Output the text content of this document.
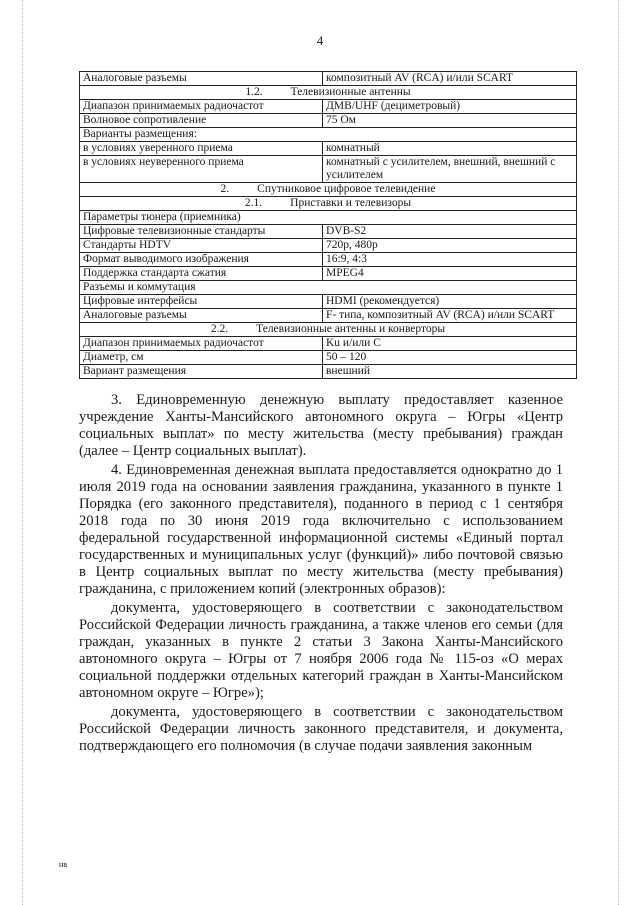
4
Аналоговые разъемы	композитный AV (RCA) и/или SCART
1.2. Телевизионные антенны	
Диапазон принимаемых радиочастот	ДМВ/UHF (дециметровый)
Волновое сопротивление	75 Ом
Варианты размещения:	
в условиях уверенного приема	комнатный
в условиях неуверенного приема	комнатный с усилителем, внешний, внешний с усилителем
2. Спутниковое цифровое телевидение	
2.1. Приставки и телевизоры	
Параметры тюнера (приемника)	
Цифровые телевизионные стандарты	DVB-S2
Стандарты HDTV	720p, 480p
Формат выводимого изображения	16:9, 4:3
Поддержка стандарта сжатия	MPEG4
Разъемы и коммутация	
Цифровые интерфейсы	HDMI (рекомендуется)
Аналоговые разъемы	F- типа, композитный AV (RCA) и/или SCART
2.2. Телевизионные антенны и конверторы	
Диапазон принимаемых радиочастот	Ku и/или C
Диаметр, см	50 – 120
Вариант размещения	внешний

3. Единовременную денежную выплату предоставляет казенное учреждение Ханты-Мансийского автономного округа – Югры «Центр социальных выплат» по месту жительства (месту пребывания) граждан (далее – Центр социальных выплат).

4. Единовременная денежная выплата предоставляется однократно до 1 июля 2019 года на основании заявления гражданина, указанного в пункте 1 Порядка (его законного представителя), поданного в период с 1 сентября 2018 года по 30 июня 2019 года включительно с использованием федеральной государственной информационной системы «Единый портал государственных и муниципальных услуг (функций)» либо почтовой связью в Центр социальных выплат по месту жительства (месту пребывания) гражданина, с приложением копий (электронных образов):

документа, удостоверяющего в соответствии с законодательством Российской Федерации личность гражданина, а также членов его семьи (для граждан, указанных в пункте 2 статьи 3 Закона Ханты-Мансийского автономного округа – Югры от 7 ноября 2006 года № 115-оз «О мерах социальной поддержки отдельных категорий граждан в Ханты-Мансийском автономном округе – Югре»);

документа, удостоверяющего в соответствии с законодательством Российской Федерации личность законного представителя, и документа, подтверждающего его полномочия (в случае подачи заявления законным

нв
